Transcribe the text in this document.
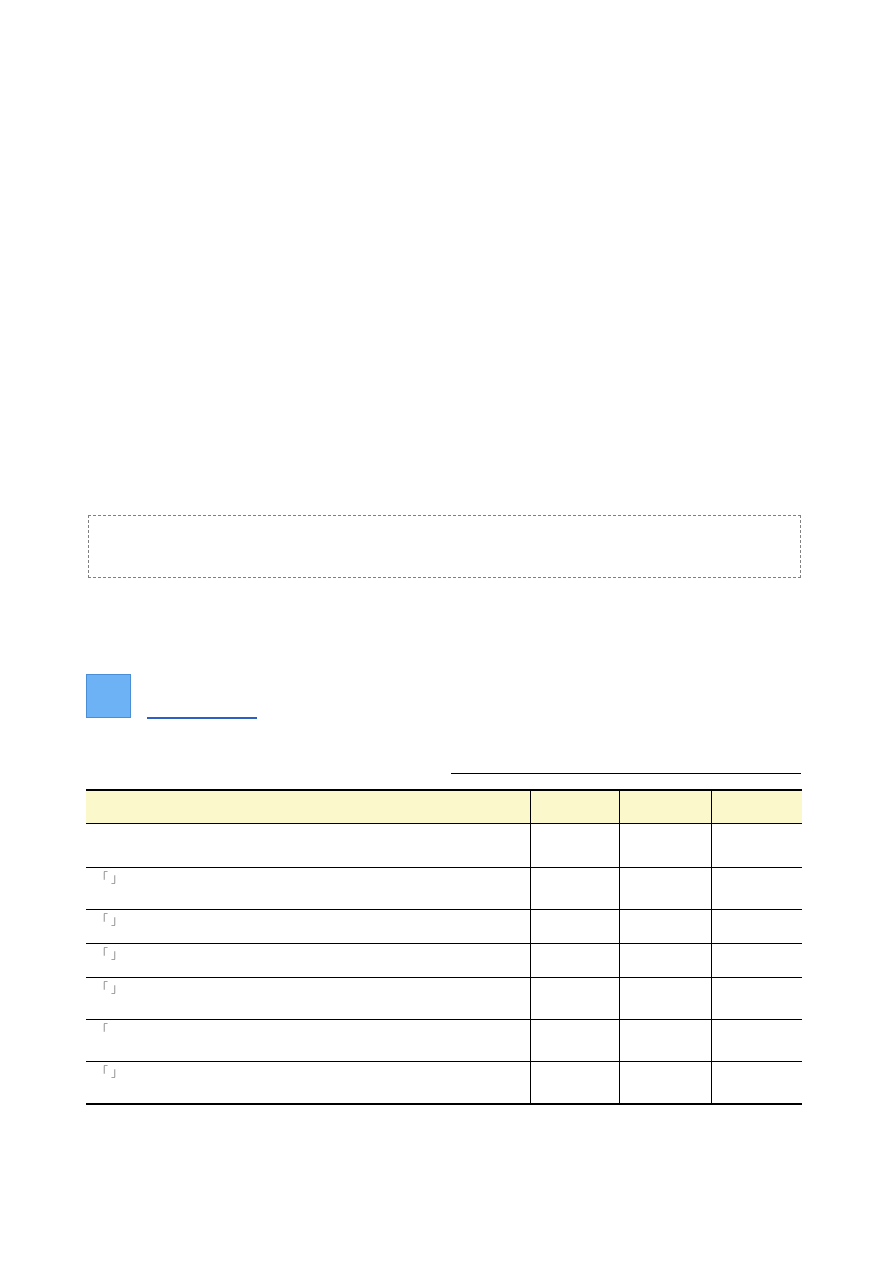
「 」			
「 」			
「 」			
「 」			
「			
「 」			
